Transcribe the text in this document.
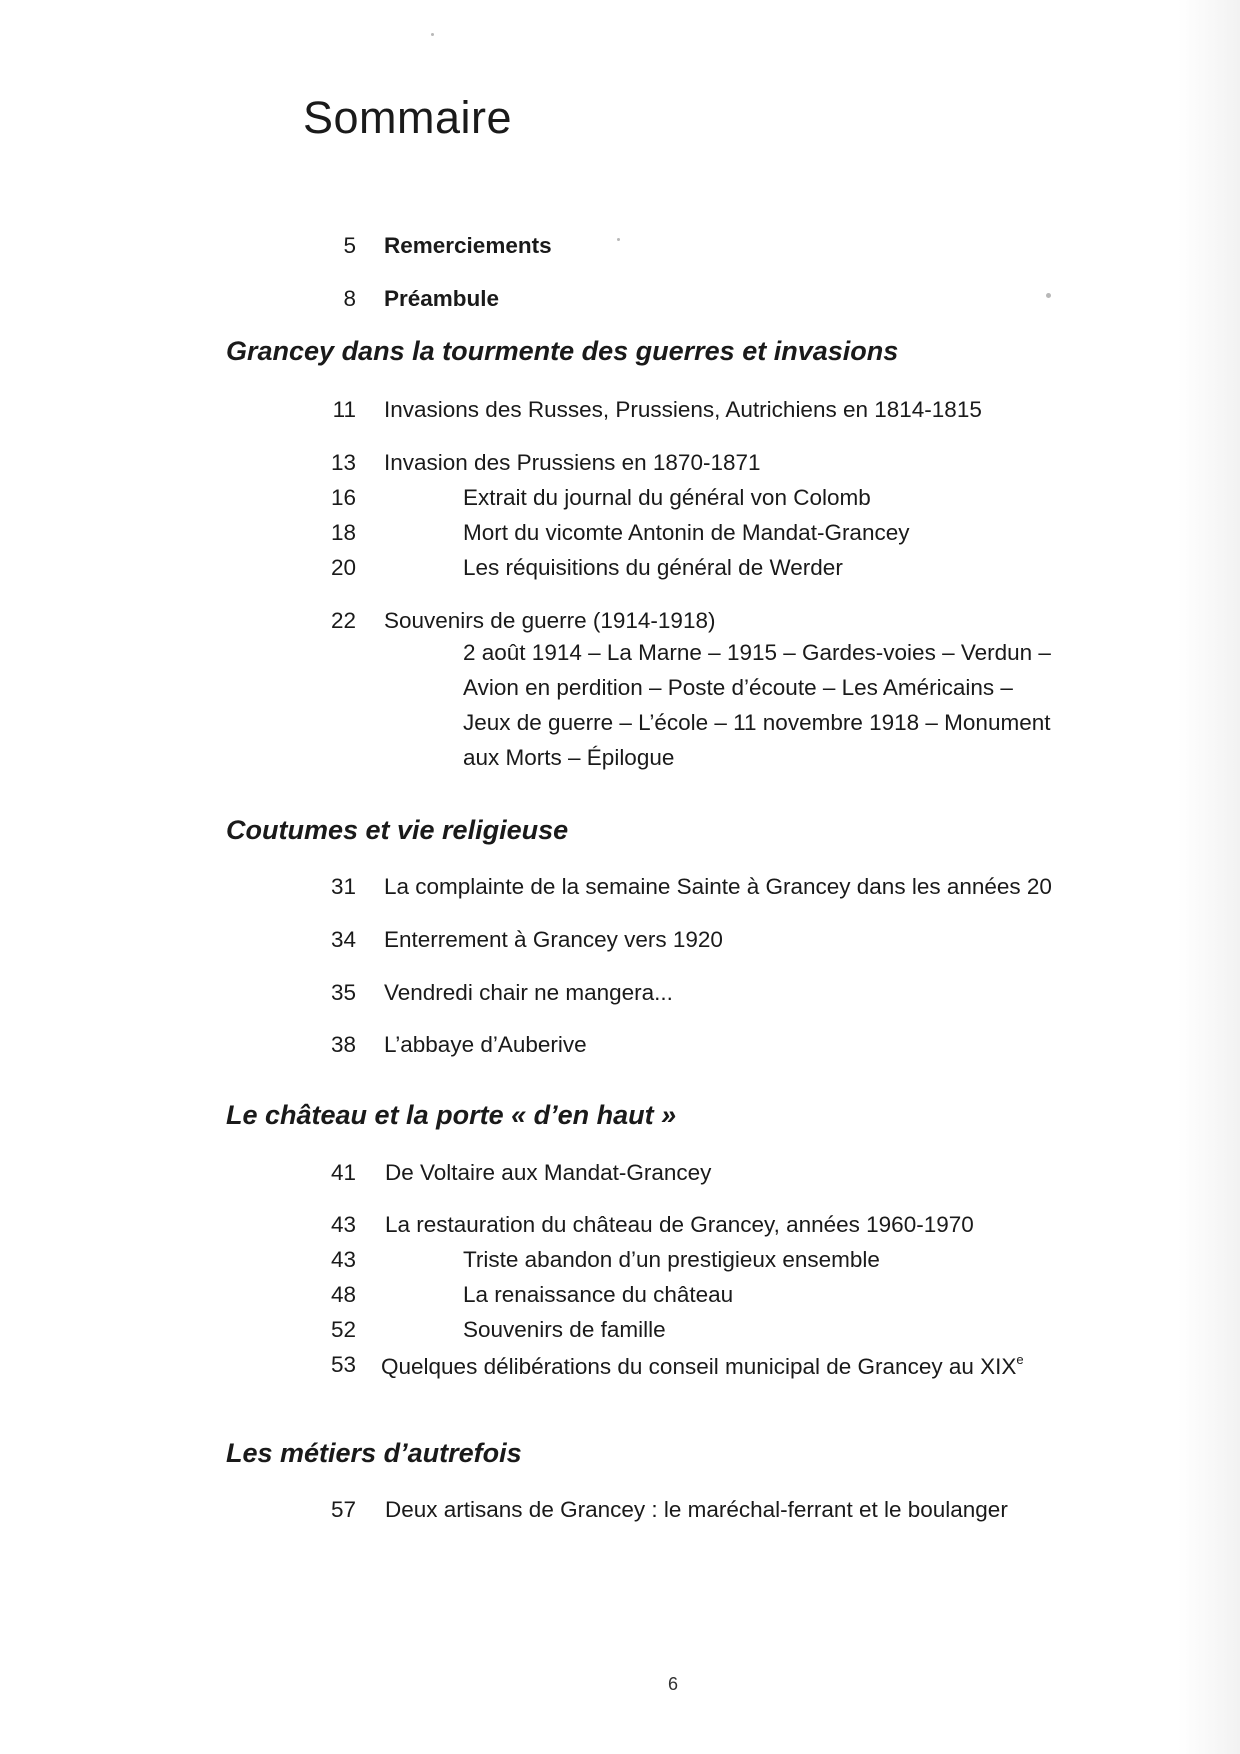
Sommaire
5 Remerciements
8 Préambule
Grancey dans la tourmente des guerres et invasions
11 Invasions des Russes, Prussiens, Autrichiens en 1814-1815
13 Invasion des Prussiens en 1870-1871
16	Extrait du journal du général von Colomb
18	Mort du vicomte Antonin de Mandat-Grancey
20	Les réquisitions du général de Werder
22 Souvenirs de guerre (1914-1918)
2 août 1914 – La Marne – 1915 – Gardes-voies – Verdun –
Avion en perdition – Poste d’écoute – Les Américains –
Jeux de guerre – L’école – 11 novembre 1918 – Monument
aux Morts – Épilogue
Coutumes et vie religieuse
31 La complainte de la semaine Sainte à Grancey dans les années 20
34 Enterrement à Grancey vers 1920
35 Vendredi chair ne mangera...
38 L’abbaye d’Auberive
Le château et la porte « d’en haut »
41 De Voltaire aux Mandat-Grancey
43 La restauration du château de Grancey, années 1960-1970
43	Triste abandon d’un prestigieux ensemble
48	La renaissance du château
52	Souvenirs de famille
53 Quelques délibérations du conseil municipal de Grancey au XIXe
Les métiers d’autrefois
57 Deux artisans de Grancey : le maréchal-ferrant et le boulanger
6
